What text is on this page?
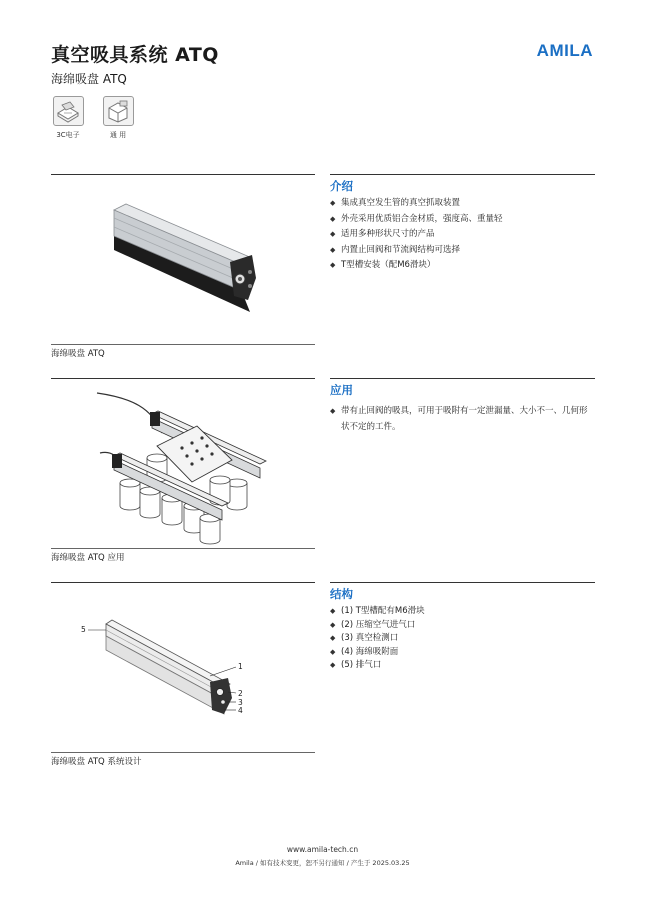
真空吸具系统 ATQ
海绵吸盘 ATQ
AMILA
3C电子	通 用
海绵吸盘 ATQ
介绍
◆ 集成真空发生管的真空抓取装置
◆ 外壳采用优质铝合金材质，强度高、重量轻
◆ 适用多种形状尺寸的产品
◆ 内置止回阀和节流阀结构可选择
◆ T型槽安装（配M6滑块）
海绵吸盘 ATQ 应用
应用
◆ 带有止回阀的吸具，可用于吸附有一定泄漏量、大小不一、几何形状不定的工件。
5
1
2
3
4
海绵吸盘 ATQ 系统设计
结构
◆ (1) T型槽配有M6滑块
◆ (2) 压缩空气进气口
◆ (3) 真空检测口
◆ (4) 海绵吸附面
◆ (5) 排气口
www.amila-tech.cn
Amila / 如有技术变更，恕不另行通知 / 产生于 2025.03.25
